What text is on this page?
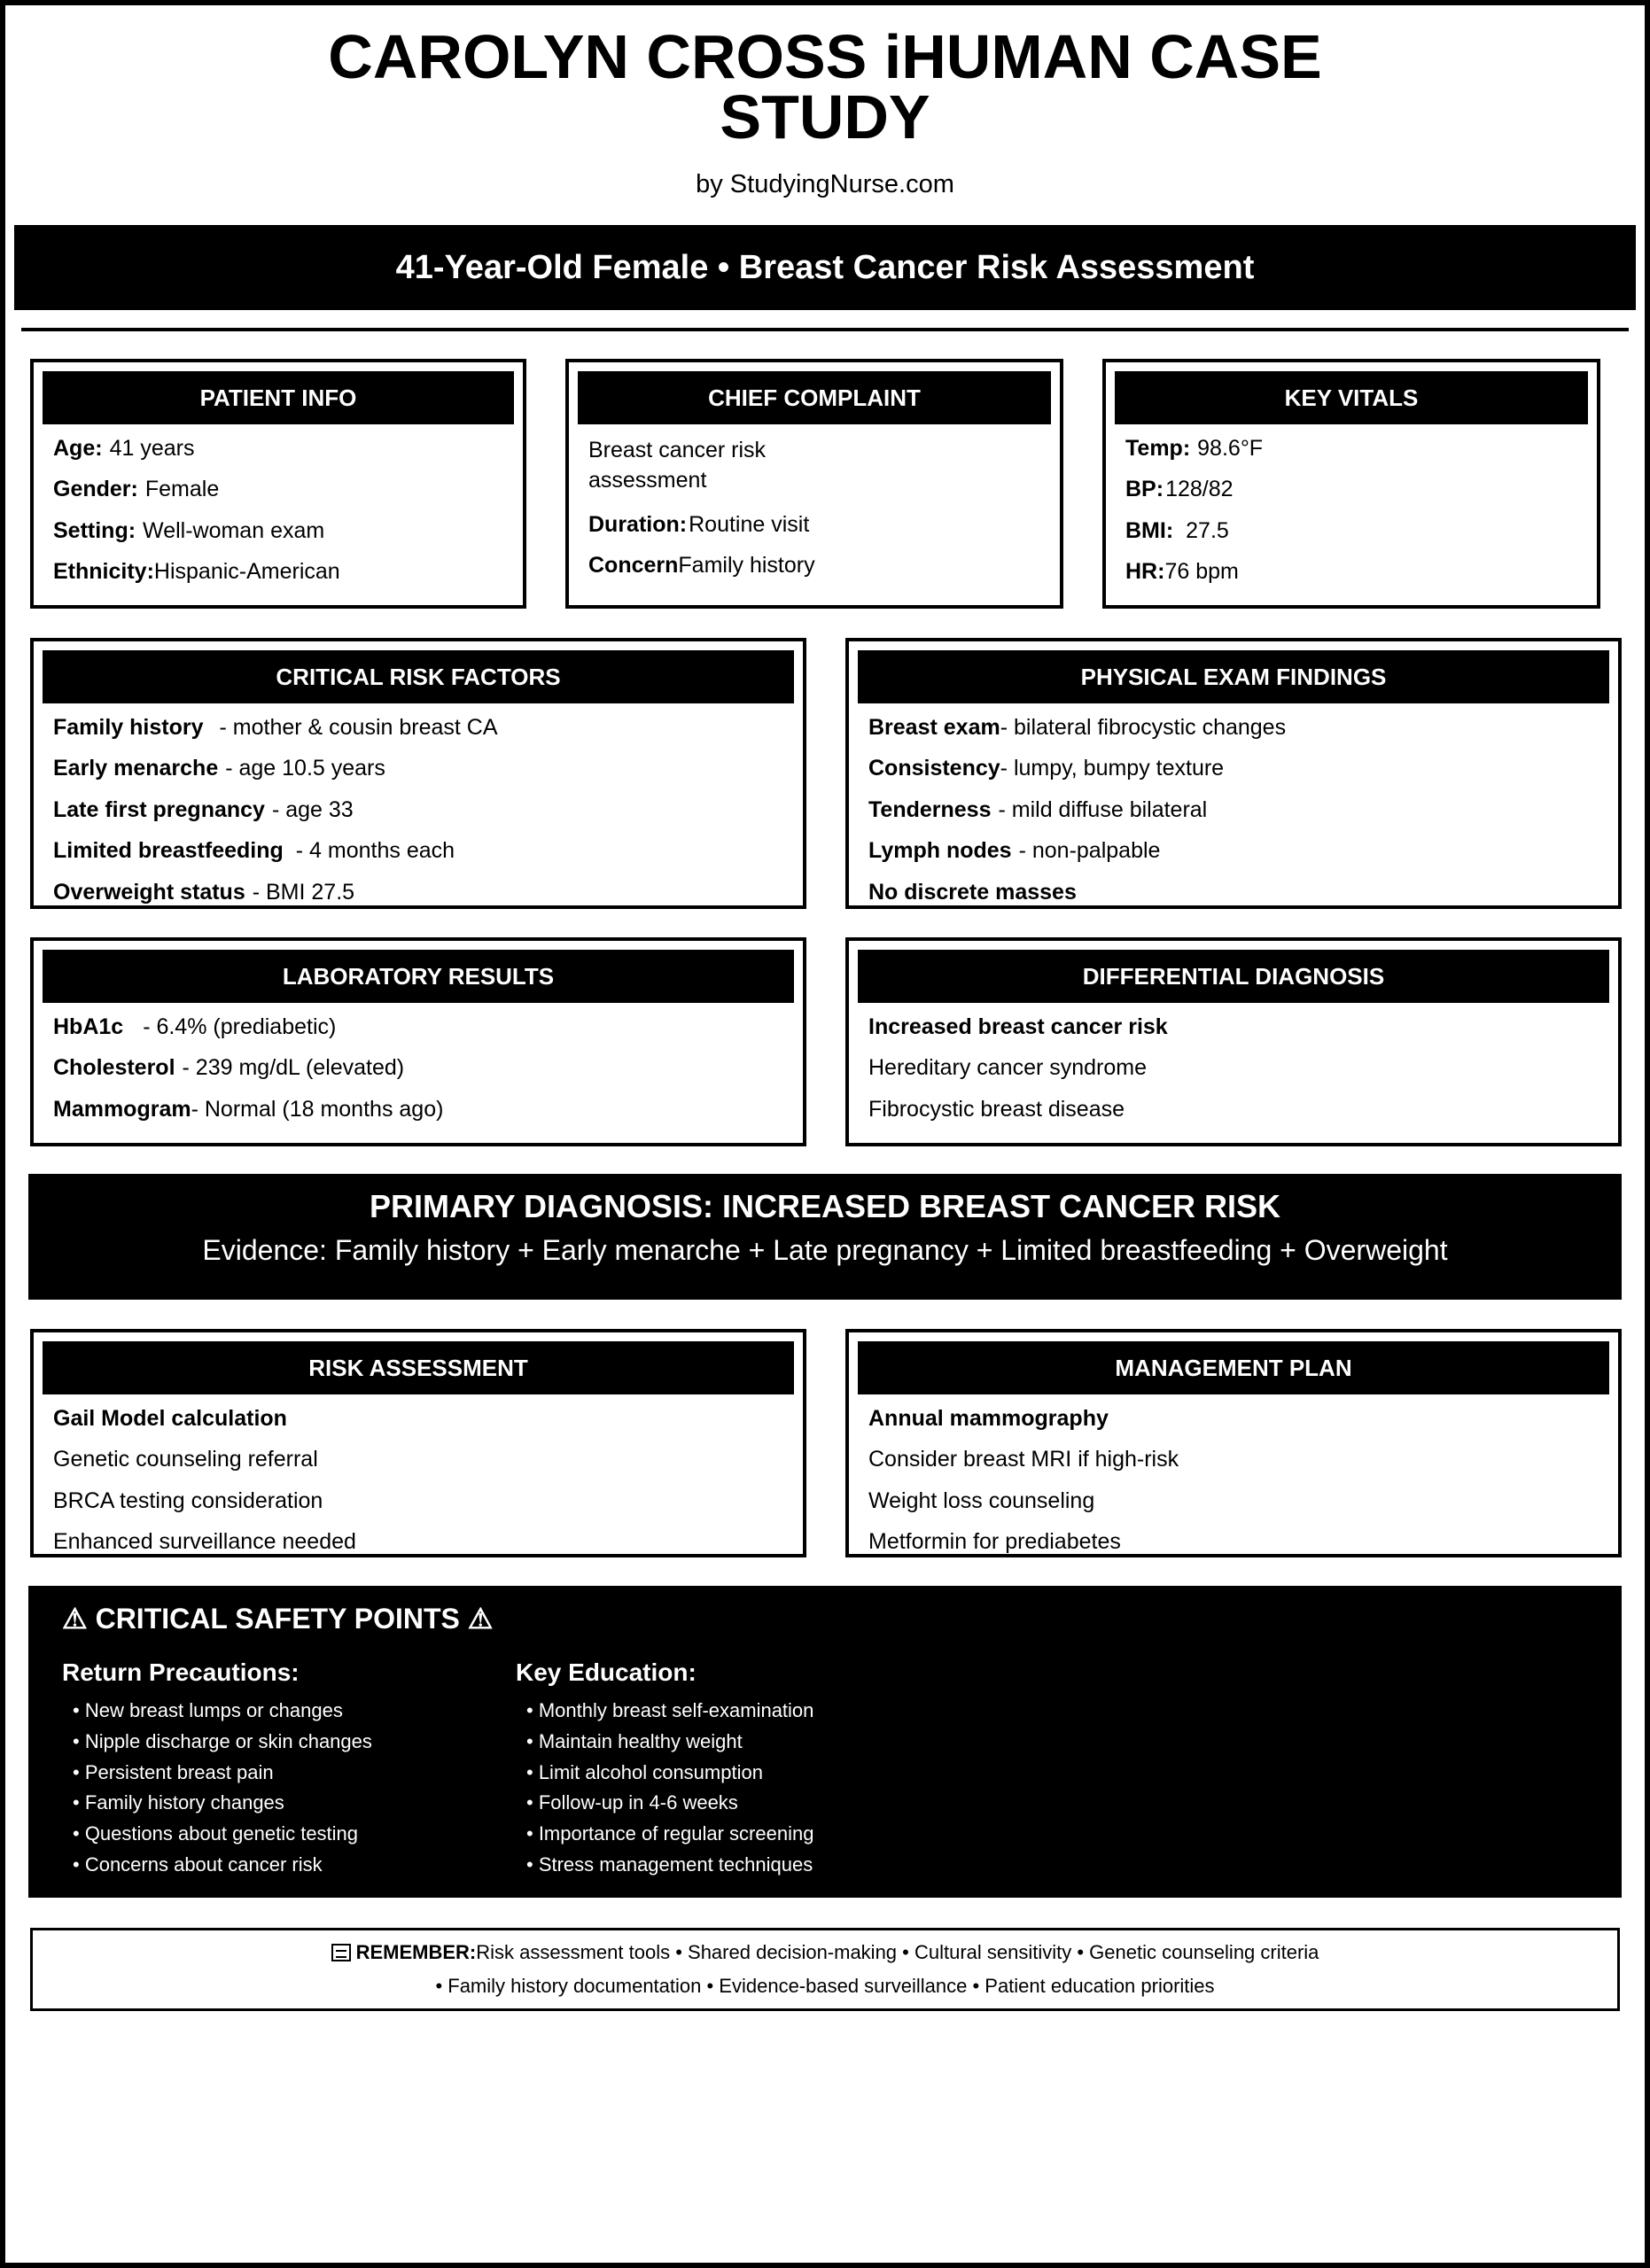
CAROLYN CROSS iHUMAN CASE
STUDY
by StudyingNurse.com
41-Year-Old Female • Breast Cancer Risk Assessment
PATIENT INFO
Age: 41 years
Gender: Female
Setting: Well-woman exam
Ethnicity: Hispanic-American
CHIEF COMPLAINT
Breast cancer risk
assessment
Duration: Routine visit
Concern Family history
KEY VITALS
Temp: 98.6°F
BP: 128/82
BMI: 27.5
HR: 76 bpm
CRITICAL RISK FACTORS
Family history - mother & cousin breast CA
Early menarche - age 10.5 years
Late first pregnancy - age 33
Limited breastfeeding - 4 months each
Overweight status - BMI 27.5
PHYSICAL EXAM FINDINGS
Breast exam - bilateral fibrocystic changes
Consistency - lumpy, bumpy texture
Tenderness - mild diffuse bilateral
Lymph nodes - non-palpable
No discrete masses
LABORATORY RESULTS
HbA1c - 6.4% (prediabetic)
Cholesterol - 239 mg/dL (elevated)
Mammogram - Normal (18 months ago)
DIFFERENTIAL DIAGNOSIS
Increased breast cancer risk
Hereditary cancer syndrome
Fibrocystic breast disease
PRIMARY DIAGNOSIS: INCREASED BREAST CANCER RISK
Evidence: Family history + Early menarche + Late pregnancy + Limited breastfeeding + Overweight
RISK ASSESSMENT
Gail Model calculation
Genetic counseling referral
BRCA testing consideration
Enhanced surveillance needed
MANAGEMENT PLAN
Annual mammography
Consider breast MRI if high-risk
Weight loss counseling
Metformin for prediabetes
⚠ CRITICAL SAFETY POINTS ⚠
Return Precautions:
• New breast lumps or changes
• Nipple discharge or skin changes
• Persistent breast pain
• Family history changes
• Questions about genetic testing
• Concerns about cancer risk
Key Education:
• Monthly breast self-examination
• Maintain healthy weight
• Limit alcohol consumption
• Follow-up in 4-6 weeks
• Importance of regular screening
• Stress management techniques
REMEMBER:Risk assessment tools • Shared decision-making • Cultural sensitivity • Genetic counseling criteria
• Family history documentation • Evidence-based surveillance • Patient education priorities
